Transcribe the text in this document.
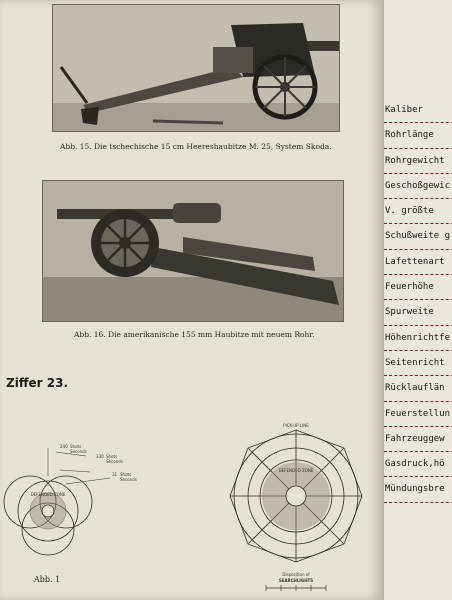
Abb. 15. Die tschechische 15 cm Heereshaubitze M. 25, System Skoda.
Abb. 16. Die amerikanische 155 mm Haubitze mit neuem Rohr.
Ziffer 23.
DEFENDED ZONE
240 Shots
Seconds
330 Shots
Seconds
31 Shots
Seconds
Abb. 1
PICK-UP LINE
DEFENDED ZONE
Disposition of
SEARCHLIGHTS
Kaliber
Rohrlänge
Rohrgewicht
Geschoßgewic
V. größte
Schußweite g
Lafettenart
Feuerhöhe
Spurweite
Höhenrichtfe
Seitenricht
Rücklauflän
Feuerstellun
Fahrzeuggew
Gasdruck,hö
Mündungsbre
